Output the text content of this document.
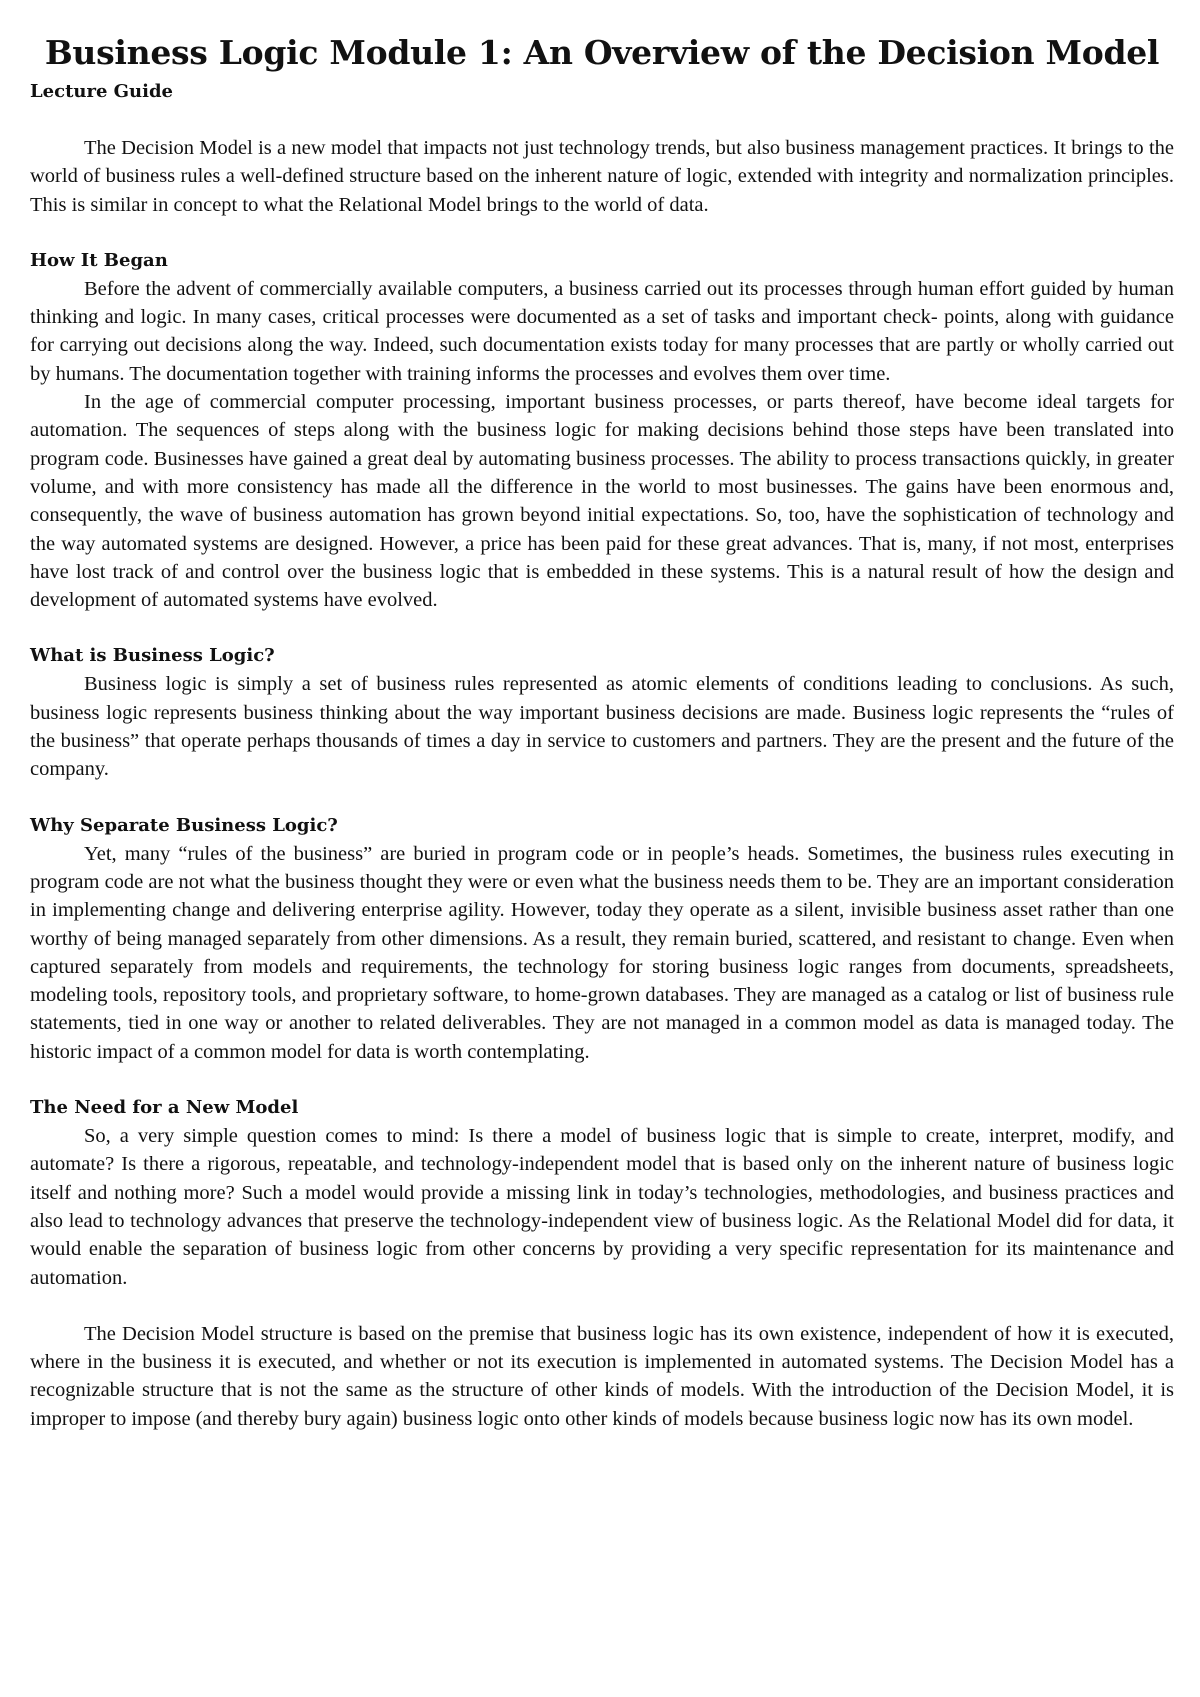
Business Logic Module 1: An Overview of the Decision Model
Lecture Guide

The Decision Model is a new model that impacts not just technology trends, but also business management practices. It brings to the world of business rules a well-defined structure based on the inherent nature of logic, extended with integrity and normalization principles. This is similar in concept to what the Relational Model brings to the world of data.

How It Began

Before the advent of commercially available computers, a business carried out its processes through human effort guided by human thinking and logic. In many cases, critical processes were documented as a set of tasks and important check- points, along with guidance for carrying out decisions along the way. Indeed, such documentation exists today for many processes that are partly or wholly carried out by humans. The documentation together with training informs the processes and evolves them over time.

In the age of commercial computer processing, important business processes, or parts thereof, have become ideal targets for automation. The sequences of steps along with the business logic for making decisions behind those steps have been translated into program code. Businesses have gained a great deal by automating business processes. The ability to process transactions quickly, in greater volume, and with more consistency has made all the difference in the world to most businesses. The gains have been enormous and, consequently, the wave of business automation has grown beyond initial expectations. So, too, have the sophistication of technology and the way automated systems are designed. However, a price has been paid for these great advances. That is, many, if not most, enterprises have lost track of and control over the business logic that is embedded in these systems. This is a natural result of how the design and development of automated systems have evolved.

What is Business Logic?

Business logic is simply a set of business rules represented as atomic elements of conditions leading to conclusions. As such, business logic represents business thinking about the way important business decisions are made. Business logic represents the “rules of the business” that operate perhaps thousands of times a day in service to customers and partners. They are the present and the future of the company.

Why Separate Business Logic?

Yet, many “rules of the business” are buried in program code or in people’s heads. Sometimes, the business rules executing in program code are not what the business thought they were or even what the business needs them to be. They are an important consideration in implementing change and delivering enterprise agility. However, today they operate as a silent, invisible business asset rather than one worthy of being managed separately from other dimensions. As a result, they remain buried, scattered, and resistant to change. Even when captured separately from models and requirements, the technology for storing business logic ranges from documents, spreadsheets, modeling tools, repository tools, and proprietary software, to home-grown databases. They are managed as a catalog or list of business rule statements, tied in one way or another to related deliverables. They are not managed in a common model as data is managed today. The historic impact of a common model for data is worth contemplating.

The Need for a New Model

So, a very simple question comes to mind: Is there a model of business logic that is simple to create, interpret, modify, and automate? Is there a rigorous, repeatable, and technology-independent model that is based only on the inherent nature of business logic itself and nothing more? Such a model would provide a missing link in today’s technologies, methodologies, and business practices and also lead to technology advances that preserve the technology-independent view of business logic. As the Relational Model did for data, it would enable the separation of business logic from other concerns by providing a very specific representation for its maintenance and automation.

The Decision Model structure is based on the premise that business logic has its own existence, independent of how it is executed, where in the business it is executed, and whether or not its execution is implemented in automated systems. The Decision Model has a recognizable structure that is not the same as the structure of other kinds of models. With the introduction of the Decision Model, it is improper to impose (and thereby bury again) business logic onto other kinds of models because business logic now has its own model.
